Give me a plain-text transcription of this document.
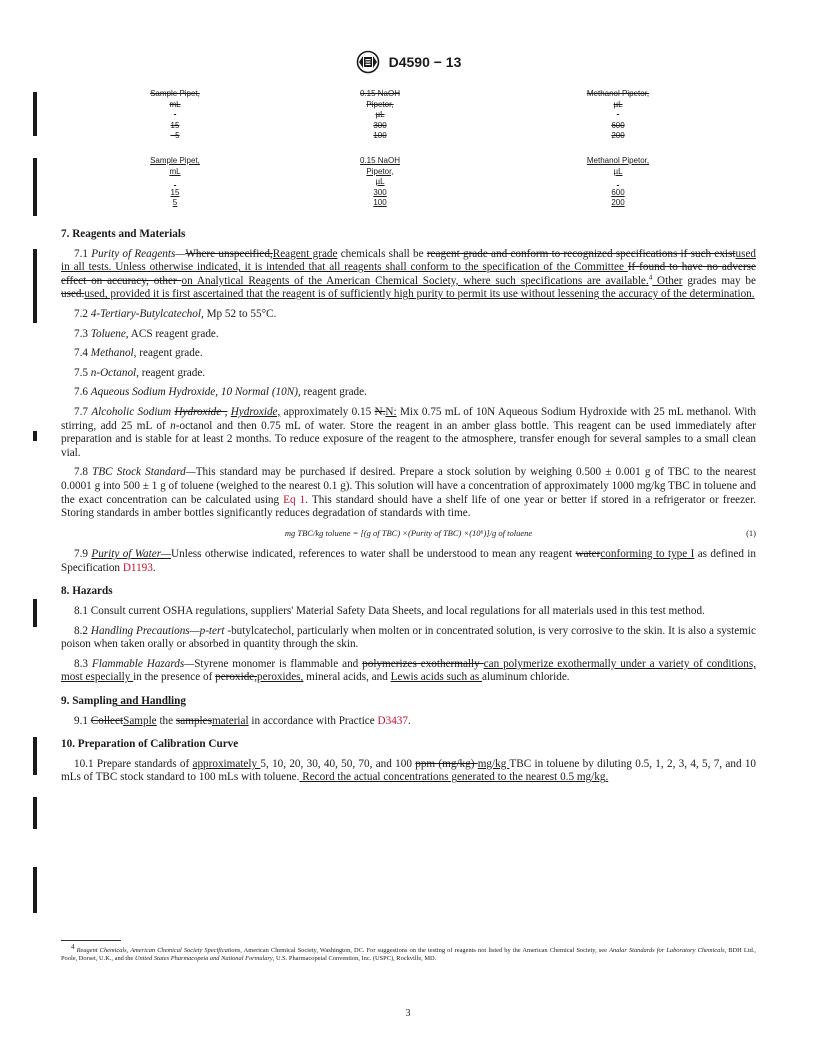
D4590 − 13
Sample Pipet,
mL

15
−5
0.15 NaOH
Pipetor,
µL
300
100
Methanol Pipetor,
µL

600
200
Sample Pipet,
mL

15
5
0.15 NaOH
Pipetor,
µL
300
100
Methanol Pipetor,
µL

600
200
7. Reagents and Materials

7.1 Purity of Reagents—Where unspecified,Reagent grade chemicals shall be reagent grade and conform to recognized specifications if such existused in all tests. Unless otherwise indicated, it is intended that all reagents shall conform to the specification of the Committee If found to have no adverse effect on accuracy, other on Analytical Reagents of the American Chemical Society, where such specifications are available.$^4$ Other grades may be used.used, provided it is first ascertained that the reagent is of sufficiently high purity to permit its use without lessening the accuracy of the determination.

7.2 4-Tertiary-Butylcatechol, Mp 52 to 55°C.

7.3 Toluene, ACS reagent grade.

7.4 Methanol, reagent grade.

7.5 n-Octanol, reagent grade.

7.6 Aqueous Sodium Hydroxide, 10 Normal (10N), reagent grade.

7.7 Alcoholic Sodium Hydroxide , Hydroxide, approximately 0.15 N.N: Mix 0.75 mL of 10N Aqueous Sodium Hydroxide with 25 mL methanol. With stirring, add 25 mL of n-octanol and then 0.75 mL of water. Store the reagent in an amber glass bottle. This reagent can be used immediately after preparation and is stable for at least 2 months. To reduce exposure of the reagent to the atmosphere, transfer enough for several samples to a small clean vial.

7.8 TBC Stock Standard—This standard may be purchased if desired. Prepare a stock solution by weighing 0.500 ± 0.001 g of TBC to the nearest 0.0001 g into 500 ± 1 g of toluene (weighed to the nearest 0.1 g). This solution will have a concentration of approximately 1000 mg/kg TBC in toluene and the exact concentration can be calculated using Eq 1. This standard should have a shelf life of one year or better if stored in a refrigerator or freezer. Storing standards in amber bottles significantly reduces degradation of standards with time.

mg TBC/kg toluene = [(g of TBC) ×(Purity of TBC) ×(10⁶)]/g of toluene	(1)

7.9 Purity of Water—Unless otherwise indicated, references to water shall be understood to mean any reagent waterconforming to type I as defined in Specification D1193.

8. Hazards

8.1 Consult current OSHA regulations, suppliers' Material Safety Data Sheets, and local regulations for all materials used in this test method.

8.2 Handling Precautions—p-tert -butylcatechol, particularly when molten or in concentrated solution, is very corrosive to the skin. It is also a systemic poison when taken orally or absorbed in quantity through the skin.

8.3 Flammable Hazards—Styrene monomer is flammable and polymerizes exothermally can polymerize exothermally under a variety of conditions, most especially in the presence of peroxide,peroxides, mineral acids, and Lewis acids such as aluminum chloride.

9. Sampling and Handling

9.1 CollectSample the samplesmaterial in accordance with Practice D3437.

10. Preparation of Calibration Curve

10.1 Prepare standards of approximately 5, 10, 20, 30, 40, 50, 70, and 100 ppm (mg/kg) mg/kg TBC in toluene by diluting 0.5, 1, 2, 3, 4, 5, 7, and 10 mLs of TBC stock standard to 100 mLs with toluene. Record the actual concentrations generated to the nearest 0.5 mg/kg.

4 Reagent Chemicals, American Chemical Society Specifications, American Chemical Society, Washington, DC. For suggestions on the testing of reagents not listed by the American Chemical Society, see Analar Standards for Laboratory Chemicals, BDH Ltd., Poole, Dorset, U.K., and the United States Pharmacopeia and National Formulary, U.S. Pharmacopeial Convention, Inc. (USPC), Rockville, MD.
3
